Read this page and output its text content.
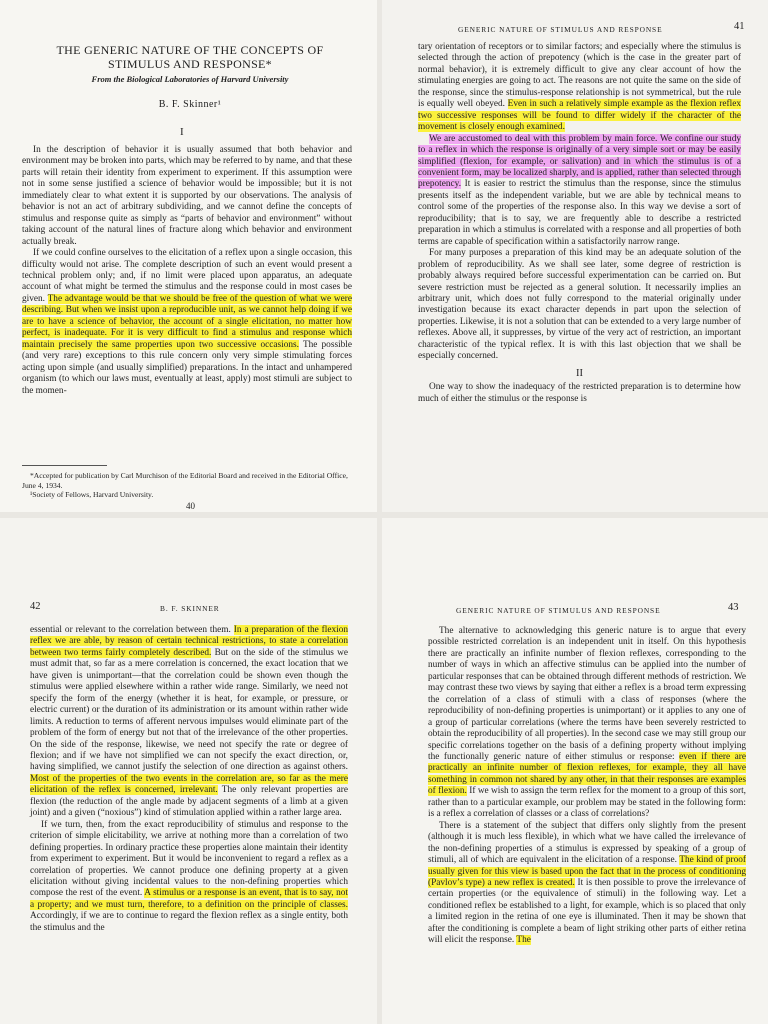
THE GENERIC NATURE OF THE CONCEPTS OF STIMULUS AND RESPONSE*
From the Biological Laboratories of Harvard University
B. F. Skinner¹
I

In the description of behavior it is usually assumed that both behavior and environment may be broken into parts, which may be referred to by name, and that these parts will retain their identity from experiment to experiment. If this assumption were not in some sense justified a science of behavior would be impossible; but it is not immediately clear to what extent it is supported by our observations. The analysis of behavior is not an act of arbitrary subdividing, and we cannot define the concepts of stimulus and response quite as simply as “parts of behavior and environment” without taking account of the natural lines of fracture along which behavior and environment actually break.

If we could confine ourselves to the elicitation of a reflex upon a single occasion, this difficulty would not arise. The complete description of such an event would present a technical problem only; and, if no limit were placed upon apparatus, an adequate account of what might be termed the stimulus and the response could in most cases be given. The advantage would be that we should be free of the question of what we were describing. But when we insist upon a reproducible unit, as we cannot help doing if we are to have a science of behavior, the account of a single elicitation, no matter how perfect, is inadequate. For it is very difficult to find a stimulus and response which maintain precisely the same properties upon two successive occasions. The possible (and very rare) exceptions to this rule concern only very simple stimulating forces acting upon simple (and usually simplified) preparations. In the intact and unhampered organism (to which our laws must, eventually at least, apply) most stimuli are subject to the momen-

*Accepted for publication by Carl Murchison of the Editorial Board and received in the Editorial Office, June 4, 1934.
¹Society of Fellows, Harvard University.
40
GENERIC NATURE OF STIMULUS AND RESPONSE	41

tary orientation of receptors or to similar factors; and especially where the stimulus is selected through the action of prepotency (which is the case in the greater part of normal behavior), it is extremely difficult to give any clear account of how the stimulating energies are going to act. The reasons are not quite the same on the side of the response, since the stimulus-response relationship is not symmetrical, but the rule is equally well obeyed. Even in such a relatively simple example as the flexion reflex two successive responses will be found to differ widely if the character of the movement is closely enough examined.

We are accustomed to deal with this problem by main force. We confine our study to a reflex in which the response is originally of a very simple sort or may be easily simplified (flexion, for example, or salivation) and in which the stimulus is of a convenient form, may be localized sharply, and is applied, rather than selected through prepotency. It is easier to restrict the stimulus than the response, since the stimulus presents itself as the independent variable, but we are able by technical means to control some of the properties of the response also. In this way we devise a sort of reproducibility; that is to say, we are frequently able to describe a restricted preparation in which a stimulus is correlated with a response and all properties of both terms are capable of specification within a satisfactorily narrow range.

For many purposes a preparation of this kind may be an adequate solution of the problem of reproducibility. As we shall see later, some degree of restriction is probably always required before successful experimentation can be carried on. But severe restriction must be rejected as a general solution. It necessarily implies an arbitrary unit, which does not fully correspond to the material originally under investigation because its exact character depends in part upon the selection of properties. Likewise, it is not a solution that can be extended to a very large number of reflexes. Above all, it suppresses, by virtue of the very act of restriction, an important characteristic of the typical reflex. It is with this last objection that we shall be especially concerned.

II

One way to show the inadequacy of the restricted preparation is to determine how much of either the stimulus or the response is

42	B. F. SKINNER

essential or relevant to the correlation between them. In a preparation of the flexion reflex we are able, by reason of certain technical restrictions, to state a correlation between two terms fairly completely described. But on the side of the stimulus we must admit that, so far as a mere correlation is concerned, the exact location that we have given is unimportant—that the correlation could be shown even though the stimulus were applied elsewhere within a rather wide range. Similarly, we need not specify the form of the energy (whether it is heat, for example, or pressure, or electric current) or the duration of its administration or its amount within rather wide limits. A reduction to terms of afferent nervous impulses would eliminate part of the problem of the form of energy but not that of the irrelevance of the other properties. On the side of the response, likewise, we need not specify the rate or degree of flexion; and if we have not simplified we can not specify the exact direction, or, having simplified, we cannot justify the selection of one direction as against others. Most of the properties of the two events in the correlation are, so far as the mere elicitation of the reflex is concerned, irrelevant. The only relevant properties are flexion (the reduction of the angle made by adjacent segments of a limb at a given joint) and a given (“noxious”) kind of stimulation applied within a rather large area.

If we turn, then, from the exact reproducibility of stimulus and response to the criterion of simple elicitability, we arrive at nothing more than a correlation of two defining properties. In ordinary practice these properties alone maintain their identity from experiment to experiment. But it would be inconvenient to regard a reflex as a correlation of properties. We cannot produce one defining property at a given elicitation without giving incidental values to the non-defining properties which compose the rest of the event. A stimulus or a response is an event, that is to say, not a property; and we must turn, therefore, to a definition on the principle of classes. Accordingly, if we are to continue to regard the flexion reflex as a single entity, both the stimulus and the

GENERIC NATURE OF STIMULUS AND RESPONSE	43

The alternative to acknowledging this generic nature is to argue that every possible restricted correlation is an independent unit in itself. On this hypothesis there are practically an infinite number of flexion reflexes, corresponding to the number of ways in which an affective stimulus can be applied into the number of particular responses that can be obtained through different methods of restriction. We may contrast these two views by saying that either a reflex is a broad term expressing the correlation of a class of stimuli with a class of responses (where the reproducibility of non-defining properties is unimportant) or it applies to any one of a group of particular correlations (where the terms have been severely restricted to obtain the reproducibility of all properties). In the second case we may still group our specific correlations together on the basis of a defining property without implying the functionally generic nature of either stimulus or response: even if there are practically an infinite number of flexion reflexes, for example, they all have something in common not shared by any other, in that their responses are examples of flexion. If we wish to assign the term reflex for the moment to a group of this sort, rather than to a particular example, our problem may be stated in the following form: is a reflex a correlation of classes or a class of correlations?

There is a statement of the subject that differs only slightly from the present (although it is much less flexible), in which what we have called the irrelevance of the non-defining properties of a stimulus is expressed by speaking of a group of stimuli, all of which are equivalent in the elicitation of a response. The kind of proof usually given for this view is based upon the fact that in the process of conditioning (Pavlov’s type) a new reflex is created. It is then possible to prove the irrelevance of certain properties (or the equivalence of stimuli) in the following way. Let a conditioned reflex be established to a light, for example, which is so placed that only a limited region in the retina of one eye is illuminated. Then it may be shown that after the conditioning is complete a beam of light striking other parts of either retina will elicit the response. The
